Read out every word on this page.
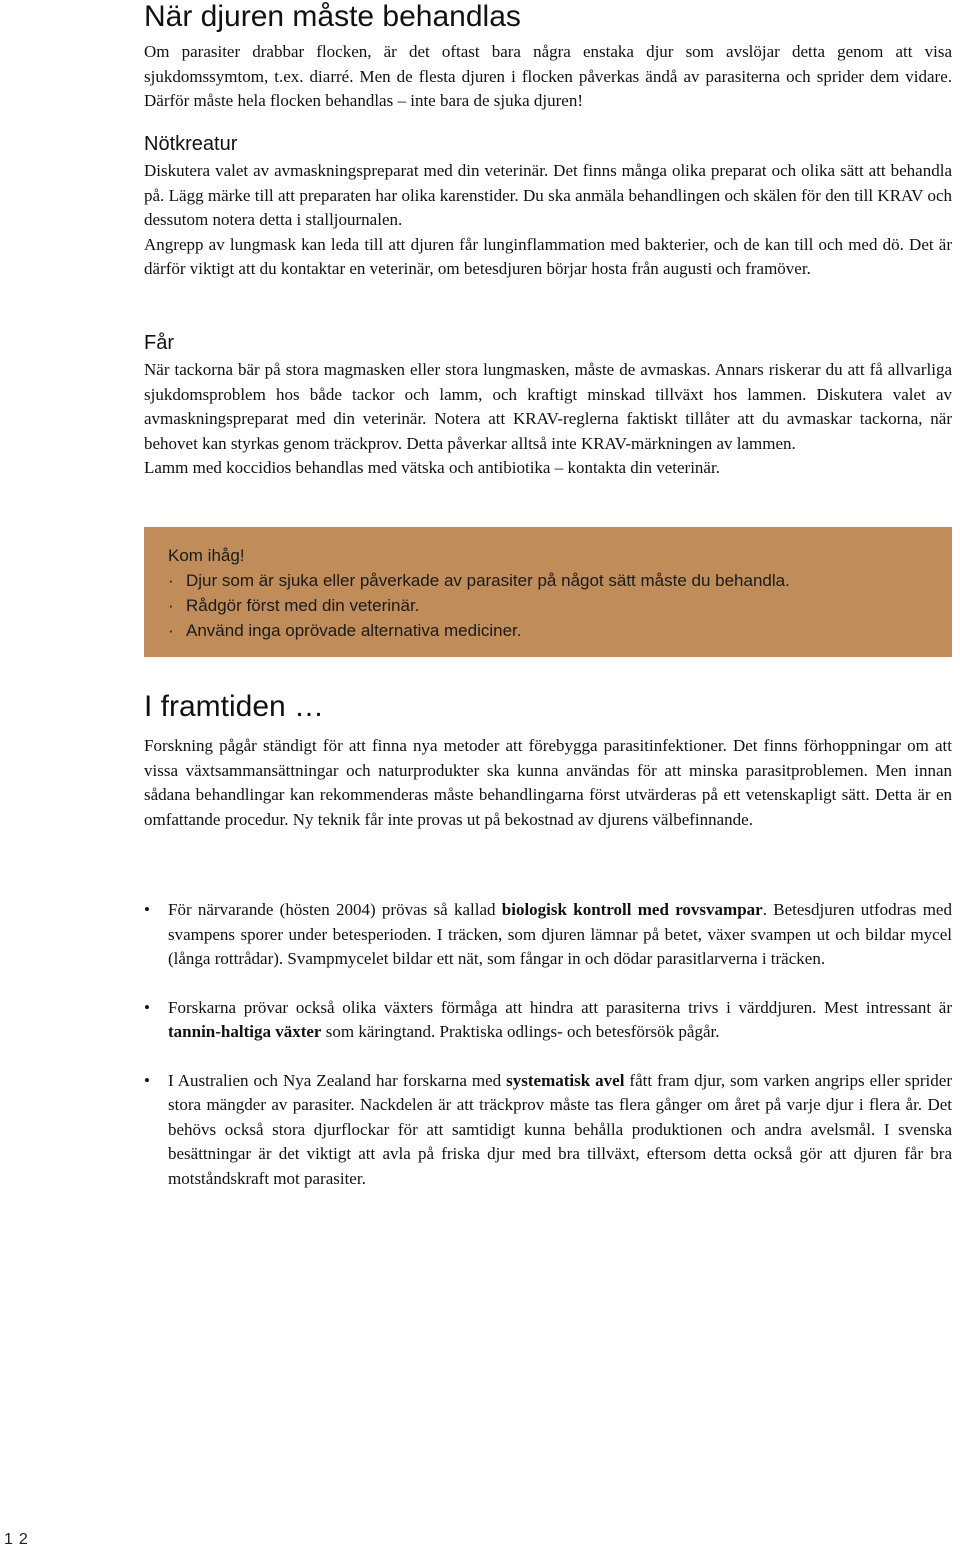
När djuren måste behandlas

Om parasiter drabbar flocken, är det oftast bara några enstaka djur som avslöjar detta genom att visa sjukdomssymtom, t.ex. diarré. Men de flesta djuren i flocken påverkas ändå av parasiterna och sprider dem vidare. Därför måste hela flocken behandlas – inte bara de sjuka djuren!

Nötkreatur

Diskutera valet av avmaskningspreparat med din veterinär. Det finns många olika preparat och olika sätt att behandla på. Lägg märke till att preparaten har olika karenstider. Du ska anmäla behandlingen och skälen för den till KRAV och dessutom notera detta i stalljournalen.

Angrepp av lungmask kan leda till att djuren får lunginflammation med bakterier, och de kan till och med dö. Det är därför viktigt att du kontaktar en veterinär, om betesdjuren börjar hosta från augusti och framöver.

Får

När tackorna bär på stora magmasken eller stora lungmasken, måste de avmaskas. Annars riskerar du att få allvarliga sjukdomsproblem hos både tackor och lamm, och kraftigt minskad tillväxt hos lammen. Diskutera valet av avmaskningspreparat med din veterinär. Notera att KRAV-reglerna faktiskt tillåter att du avmaskar tackorna, när behovet kan styrkas genom träckprov. Detta påverkar alltså inte KRAV-märkningen av lammen.

Lamm med koccidios behandlas med vätska och antibiotika – kontakta din veterinär.

Kom ihåg!
· Djur som är sjuka eller påverkade av parasiter på något sätt måste du behandla.
· Rådgör först med din veterinär.
· Använd inga oprövade alternativa mediciner.
I framtiden …

Forskning pågår ständigt för att finna nya metoder att förebygga parasitinfektioner. Det finns förhoppningar om att vissa växtsammansättningar och naturprodukter ska kunna användas för att minska parasitproblemen. Men innan sådana behandlingar kan rekommenderas måste behandlingarna först utvärderas på ett vetenskapligt sätt. Detta är en omfattande procedur. Ny teknik får inte provas ut på bekostnad av djurens välbefinnande.

• För närvarande (hösten 2004) prövas så kallad biologisk kontroll med rovsvampar. Betesdjuren utfodras med svampens sporer under betesperioden. I träcken, som djuren lämnar på betet, växer svampen ut och bildar mycel (långa rottrådar). Svampmycelet bildar ett nät, som fångar in och dödar parasitlarverna i träcken.

• Forskarna prövar också olika växters förmåga att hindra att parasiterna trivs i värddjuren. Mest intressant är tannin-haltiga växter som käringtand. Praktiska odlings- och betesförsök pågår.

• I Australien och Nya Zealand har forskarna med systematisk avel fått fram djur, som varken angrips eller sprider stora mängder av parasiter. Nackdelen är att träckprov måste tas flera gånger om året på varje djur i flera år. Det behövs också stora djurflockar för att samtidigt kunna behålla produktionen och andra avelsmål. I svenska besättningar är det viktigt att avla på friska djur med bra tillväxt, eftersom detta också gör att djuren får bra motståndskraft mot parasiter.

12
